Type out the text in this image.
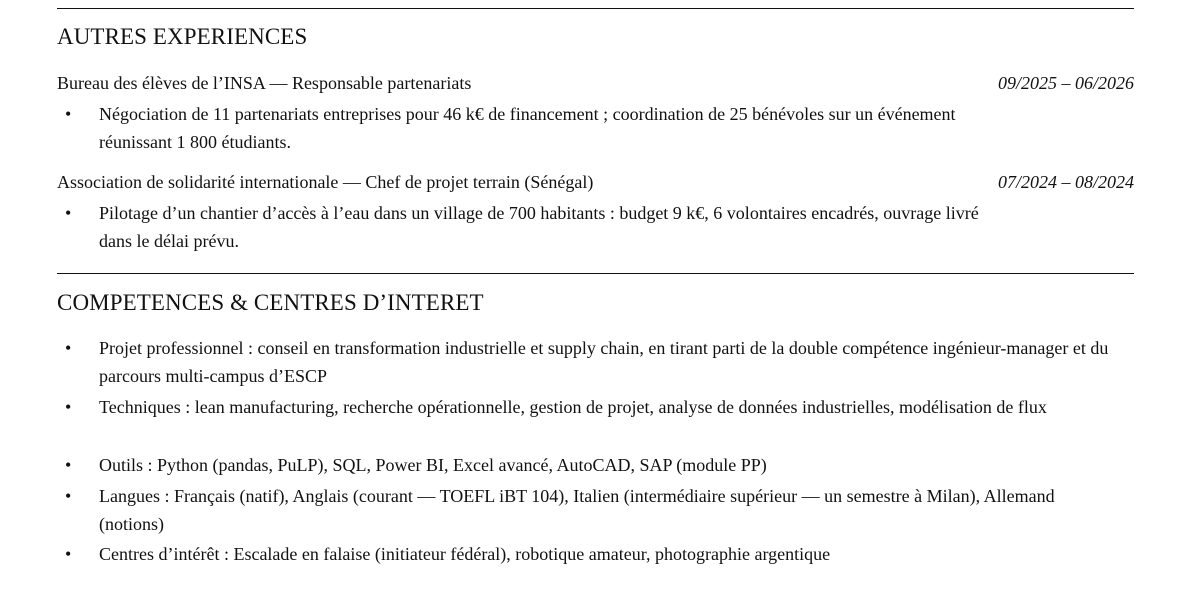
AUTRES EXPERIENCES
Bureau des élèves de l’INSA — Responsable partenariats	09/2025 – 06/2026
• Négociation de 11 partenariats entreprises pour 46 k€ de financement ; coordination de 25 bénévoles sur un événement réunissant 1 800 étudiants.
Association de solidarité internationale — Chef de projet terrain (Sénégal)	07/2024 – 08/2024
• Pilotage d’un chantier d’accès à l’eau dans un village de 700 habitants : budget 9 k€, 6 volontaires encadrés, ouvrage livré dans le délai prévu.
COMPETENCES & CENTRES D’INTERET
• Projet professionnel : conseil en transformation industrielle et supply chain, en tirant parti de la double compétence ingénieur-manager et du parcours multi-campus d’ESCP
• Techniques : lean manufacturing, recherche opérationnelle, gestion de projet, analyse de données industrielles, modélisation de flux
• Outils : Python (pandas, PuLP), SQL, Power BI, Excel avancé, AutoCAD, SAP (module PP)
• Langues : Français (natif), Anglais (courant — TOEFL iBT 104), Italien (intermédiaire supérieur — un semestre à Milan), Allemand (notions)
• Centres d’intérêt : Escalade en falaise (initiateur fédéral), robotique amateur, photographie argentique
